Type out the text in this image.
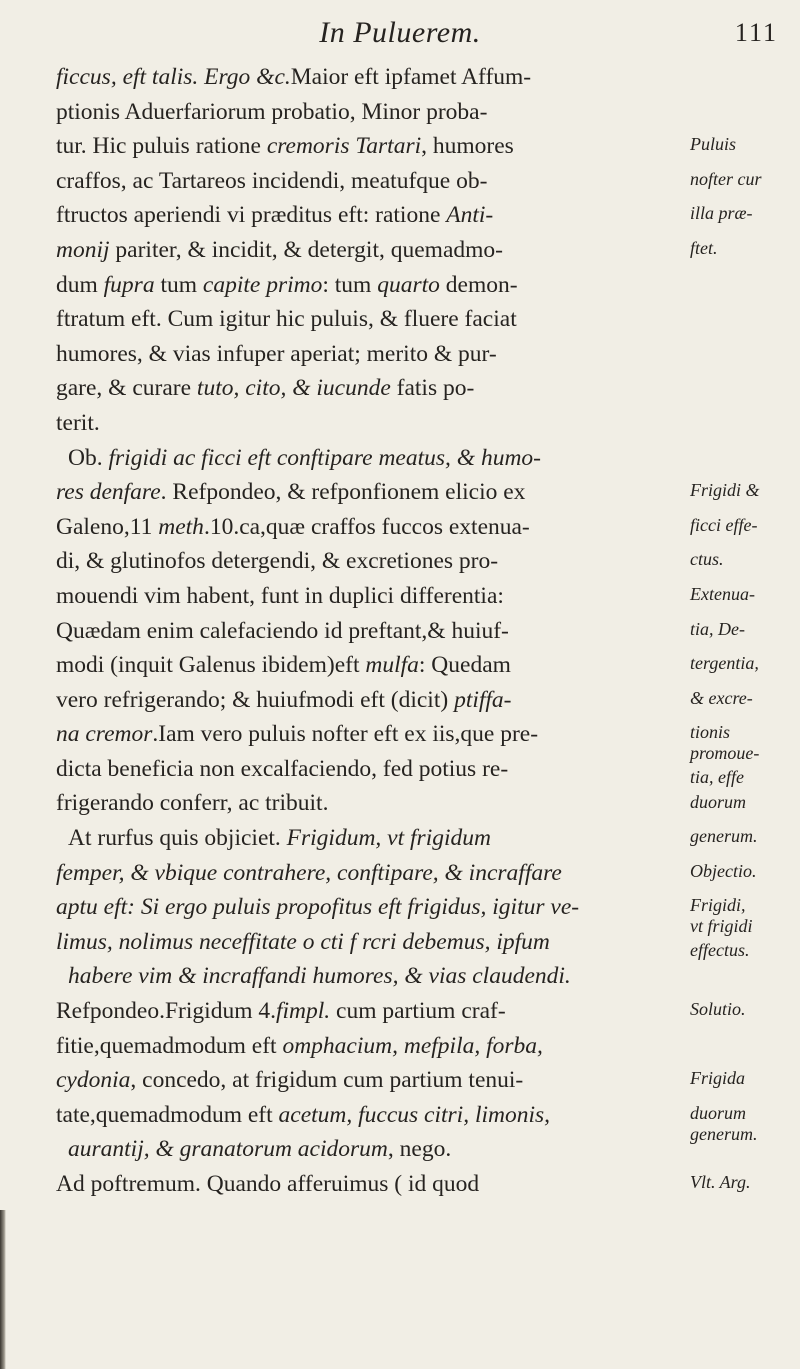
In Puluerem.	111
ficcus, eft talis. Ergo &c.Maior eft ipfamet Affum-
ptionis Aduerfariorum probatio, Minor proba-
tur. Hic puluis ratione cremoris Tartari, humores
craffos, ac Tartareos incidendi, meatufque ob-
ftructos aperiendi vi præditus eft: ratione Anti-
monij pariter, & incidit, & detergit, quemadmo-
dum fupra tum capite primo: tum quarto demon-
ftratum eft. Cum igitur hic puluis, & fluere faciat
humores, & vias infuper aperiat; merito & pur-
gare, & curare tuto, cito, & iucunde fatis po-
terit.
Ob. frigidi ac ficci eft conftipare meatus, & humo-
res denfare. Refpondeo, & refponfionem elicio ex
Galeno,11 meth.10.ca,quæ craffos fuccos extenua-
di, & glutinofos detergendi, & excretiones pro-
mouendi vim habent, funt in duplici differentia:
Quædam enim calefaciendo id preftant,& huiuf-
modi (inquit Galenus ibidem)eft mulfa: Quedam
vero refrigerando; & huiufmodi eft (dicit) ptiffa-
na cremor.Iam vero puluis nofter eft ex iis,que pre-
dicta beneficia non excalfaciendo, fed potius re-
frigerando conferr, ac tribuit.
At rurfus quis objiciet. Frigidum, vt frigidum
femper, & vbique contrahere, conftipare, & incraffare
aptu eft: Si ergo puluis propofitus eft frigidus, igitur ve-
limus, nolimus neceffitate o cti f rcri debemus, ipfum
habere vim & incraffandi humores, & vias claudendi.
Refpondeo.Frigidum 4.fimpl. cum partium craf-
fitie,quemadmodum eft omphacium, mefpila, forba,
cydonia, concedo, at frigidum cum partium tenui-
tate,quemadmodum eft acetum, fuccus citri, limonis,
aurantij, & granatorum acidorum, nego.
Ad poftremum. Quando afferuimus ( id quod
Puluis
nofter cur
illa præ-
ftet.
Frigidi &
ficci effe-
ctus.
Extenua-
tia, De-
tergentia,
& excre-
tionis
promoue-
tia, effe
duorum
generum.
Objectio.
Frigidi,
vt frigidi
effectus.
Solutio.
Frigida
duorum
generum.
Vlt. Arg.
